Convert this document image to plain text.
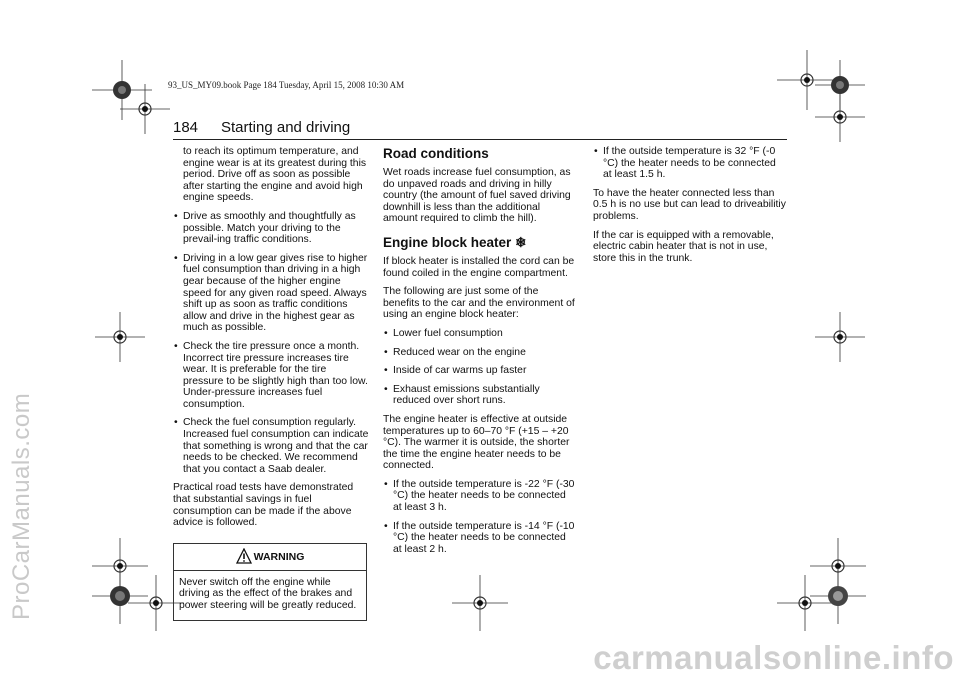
ProCarManuals.com
carmanualsonline.info
93_US_MY09.book Page 184 Tuesday, April 15, 2008 10:30 AM
184 Starting and driving

to reach its optimum temperature, and engine wear is at its greatest during this period. Drive off as soon as possible after starting the engine and avoid high engine speeds.

• Drive as smoothly and thoughtfully as possible. Match your driving to the prevail-ing traffic conditions.
• Driving in a low gear gives rise to higher fuel consumption than driving in a high gear because of the higher engine speed for any given road speed. Always shift up as soon as traffic conditions allow and drive in the highest gear as much as possible.
• Check the tire pressure once a month. Incorrect tire pressure increases tire wear. It is preferable for the tire pressure to be slightly high than too low. Under-pressure increases fuel consumption.
• Check the fuel consumption regularly. Increased fuel consumption can indicate that something is wrong and that the car needs to be checked. We recommend that you contact a Saab dealer.

Practical road tests have demonstrated that substantial savings in fuel consumption can be made if the above advice is followed.

WARNING
Never switch off the engine while driving as the effect of the brakes and power steering will be greatly reduced.
Road conditions

Wet roads increase fuel consumption, as do unpaved roads and driving in hilly country (the amount of fuel saved driving downhill is less than the additional amount required to climb the hill).

Engine block heater ❄

If block heater is installed the cord can be found coiled in the engine compartment.

The following are just some of the benefits to the car and the environment of using an engine block heater:

• Lower fuel consumption
• Reduced wear on the engine
• Inside of car warms up faster
• Exhaust emissions substantially reduced over short runs.

The engine heater is effective at outside temperatures up to 60–70 °F (+15 – +20 °C). The warmer it is outside, the shorter the time the engine heater needs to be connected.

• If the outside temperature is -22 °F (-30 °C) the heater needs to be connected at least 3 h.
• If the outside temperature is -14 °F (-10 °C) the heater needs to be connected at least 2 h.
• If the outside temperature is 32 °F (-0 °C) the heater needs to be connected at least 1.5 h.

To have the heater connected less than 0.5 h is no use but can lead to driveabilitiy problems.

If the car is equipped with a removable, electric cabin heater that is not in use, store this in the trunk.
